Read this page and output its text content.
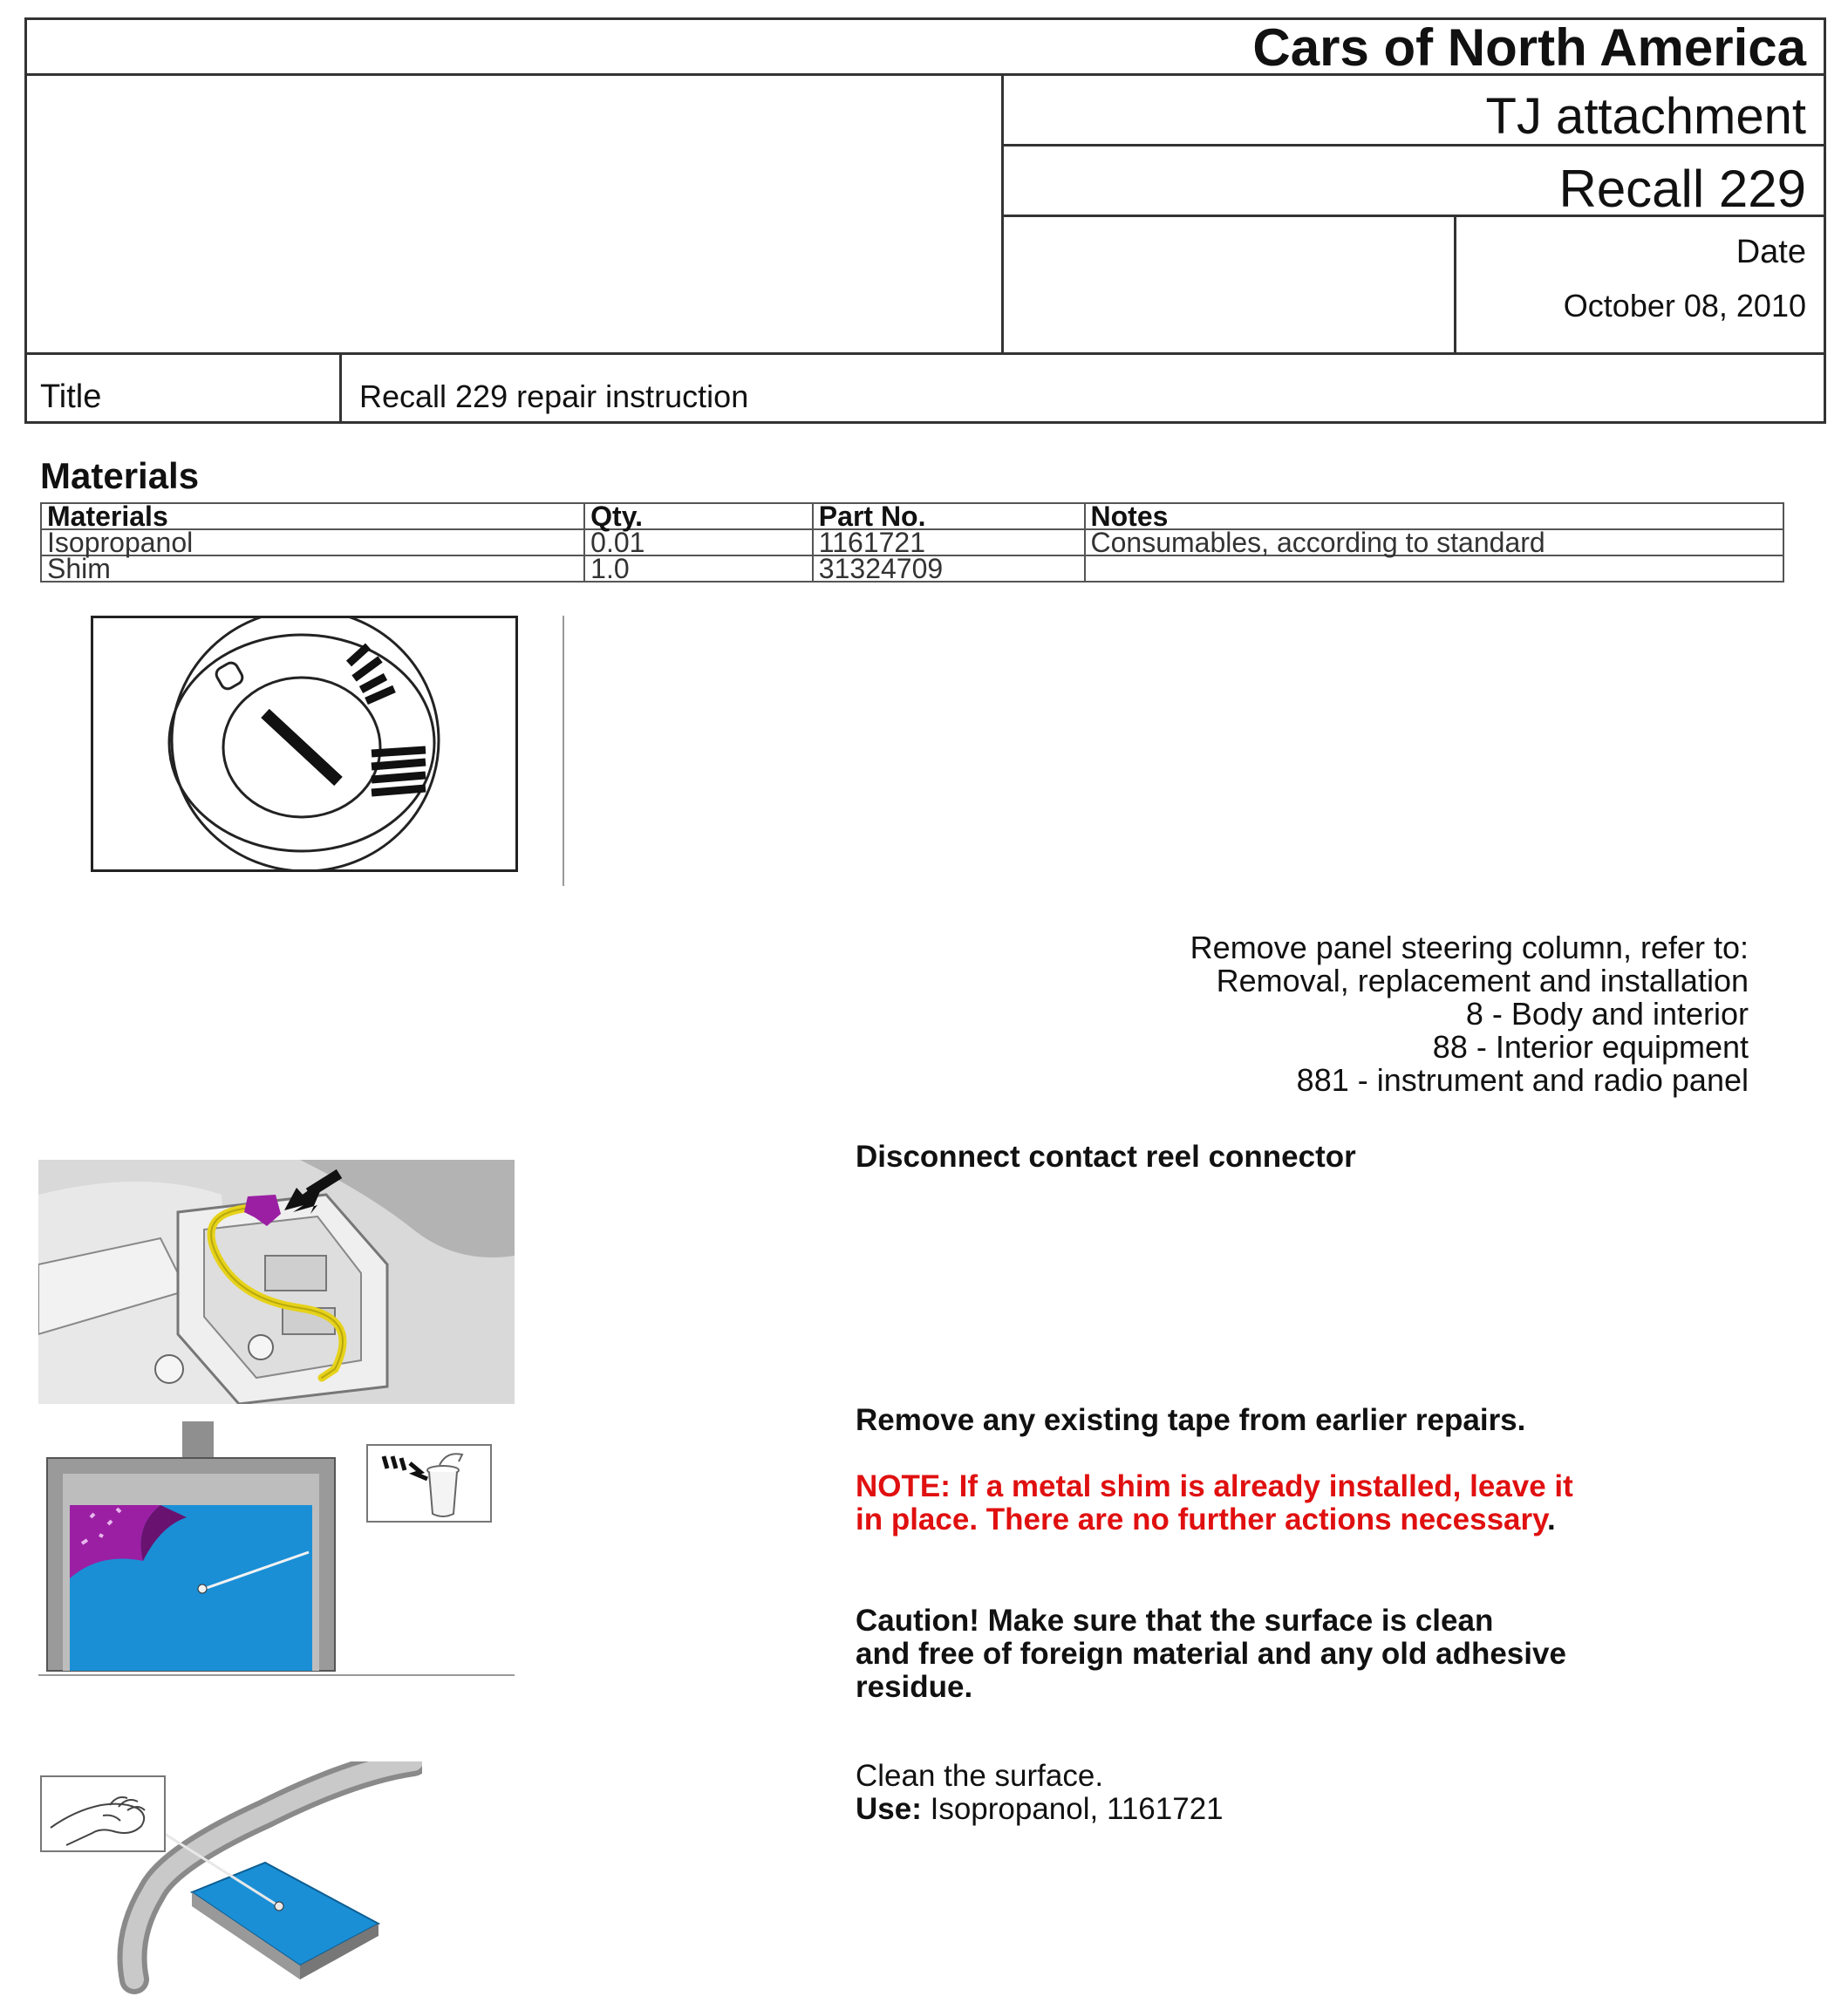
Cars of North America
TJ attachment
Recall 229
Date
October 08, 2010
Title	Recall 229 repair instruction
Materials
Materials	Qty.	Part No.	Notes
Isopropanol	0.01	1161721	Consumables, according to standard
Shim	1.0	31324709	
Remove panel steering column, refer to:
Removal, replacement and installation
8 - Body and interior
88 - Interior equipment
881 - instrument and radio panel
Disconnect contact reel connector
Remove any existing tape from earlier repairs.
NOTE: If a metal shim is already installed, leave it
in place. There are no further actions necessary.
Caution! Make sure that the surface is clean
and free of foreign material and any old adhesive
residue.
Clean the surface.
Use: Isopropanol, 1161721
